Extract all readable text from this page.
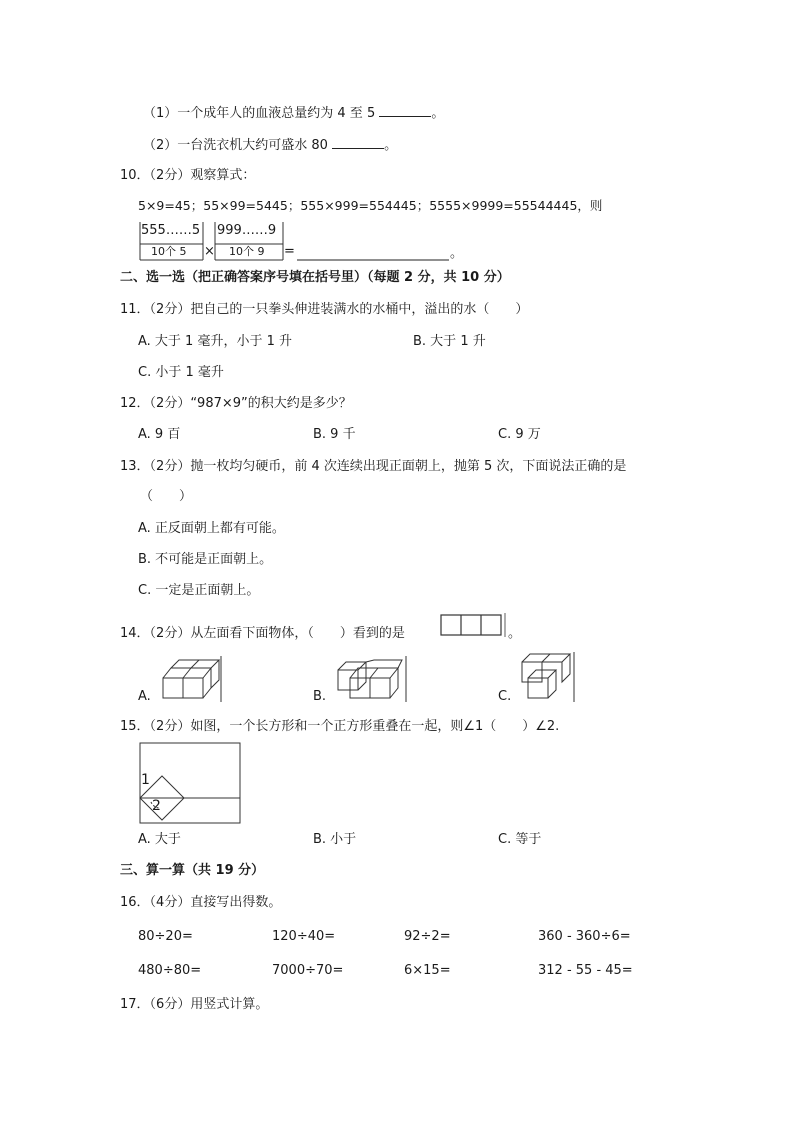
（1）一个成年人的血液总量约为 4 至 5	。
（2）一台洗衣机大约可盛水 80	。
10．（2分）观察算式：
5×9=45；55×99=5445；555×999=554445；5555×9999=55544445，则
555……5
10个 5 ×
999……9
10个 9 =	。
二、选一选（把正确答案序号填在括号里）（每题 2 分，共 10 分）
11．（2分）把自己的一只拳头伸进装满水的水桶中，溢出的水（　　）
A. 大于 1 毫升，小于 1 升	B. 大于 1 升
C. 小于 1 毫升
12．（2分）“987×9”的积大约是多少？
A. 9 百	B. 9 千	C. 9 万
13．（2分）抛一枚均匀硬币，前 4 次连续出现正面朝上，抛第 5 次，下面说法正确的是
（　　）
A. 正反面朝上都有可能。
B. 不可能是正面朝上。
C. 一定是正面朝上。
14．（2分）从左面看下面物体，（　　）看到的是	。
A.	B.	C.
15．（2分）如图，一个长方形和一个正方形重叠在一起，则∠1（　　）∠2.
1
2
A. 大于	B. 小于	C. 等于
三、算一算（共 19 分）
16．（4分）直接写出得数。
80÷20=	120÷40=	92÷2=	360 - 360÷6=
480÷80=	7000÷70=	6×15=	312 - 55 - 45=
17．（6分）用竖式计算。
